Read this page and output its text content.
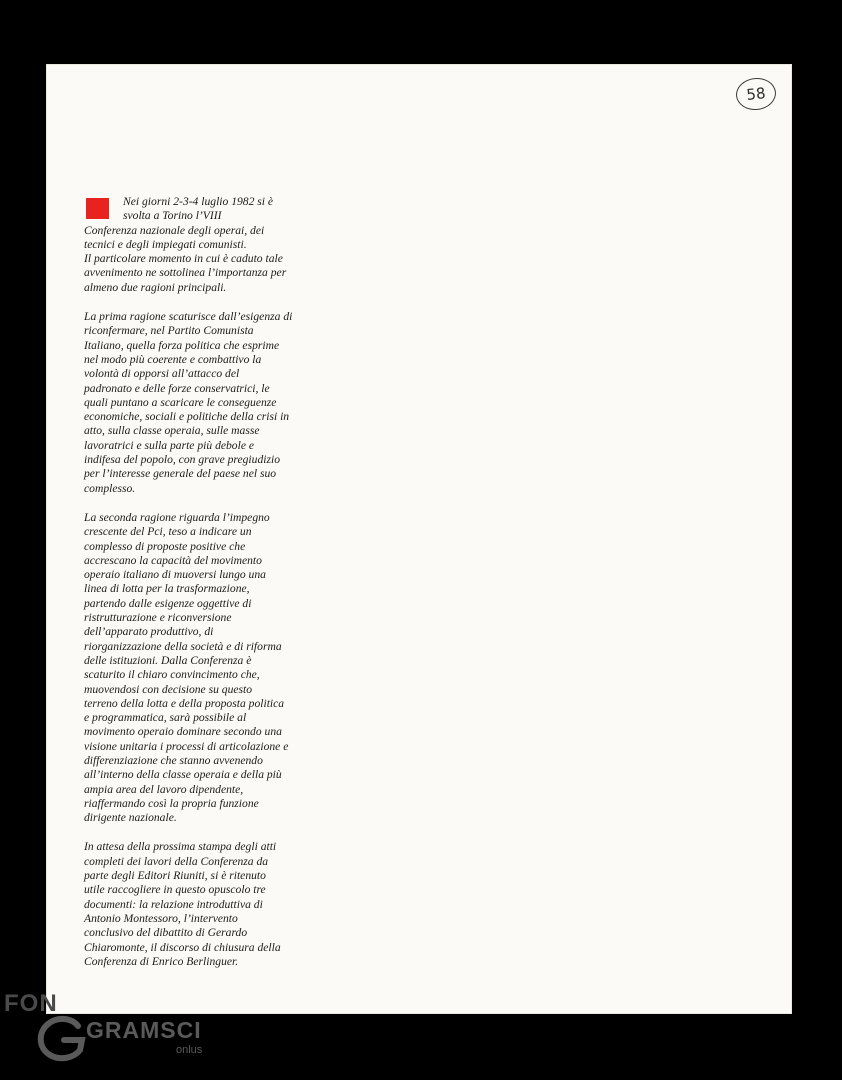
58

Nei giorni 2-3-4 luglio 1982 si è
svolta a Torino l’VIII
Conferenza nazionale degli operai, dei
tecnici e degli impiegati comunisti.
Il particolare momento in cui è caduto tale
avvenimento ne sottolinea l’importanza per
almeno due ragioni principali.

La prima ragione scaturisce dall’esigenza di
riconfermare, nel Partito Comunista
Italiano, quella forza politica che esprime
nel modo più coerente e combattivo la
volontà di opporsi all’attacco del
padronato e delle forze conservatrici, le
quali puntano a scaricare le conseguenze
economiche, sociali e politiche della crisi in
atto, sulla classe operaia, sulle masse
lavoratrici e sulla parte più debole e
indifesa del popolo, con grave pregiudizio
per l’interesse generale del paese nel suo
complesso.

La seconda ragione riguarda l’impegno
crescente del Pci, teso a indicare un
complesso di proposte positive che
accrescano la capacità del movimento
operaio italiano di muoversi lungo una
linea di lotta per la trasformazione,
partendo dalle esigenze oggettive di
ristrutturazione e riconversione
dell’apparato produttivo, di
riorganizzazione della società e di riforma
delle istituzioni. Dalla Conferenza è
scaturito il chiaro convincimento che,
muovendosi con decisione su questo
terreno della lotta e della proposta politica
e programmatica, sarà possibile al
movimento operaio dominare secondo una
visione unitaria i processi di articolazione e
differenziazione che stanno avvenendo
all’interno della classe operaia e della più
ampia area del lavoro dipendente,
riaffermando così la propria funzione
dirigente nazionale.

In attesa della prossima stampa degli atti
completi dei lavori della Conferenza da
parte degli Editori Riuniti, si è ritenuto
utile raccogliere in questo opuscolo tre
documenti: la relazione introduttiva di
Antonio Montessoro, l’intervento
conclusivo del dibattito di Gerardo
Chiaromonte, il discorso di chiusura della
Conferenza di Enrico Berlinguer.

FON
GRAMSCI
onlus
